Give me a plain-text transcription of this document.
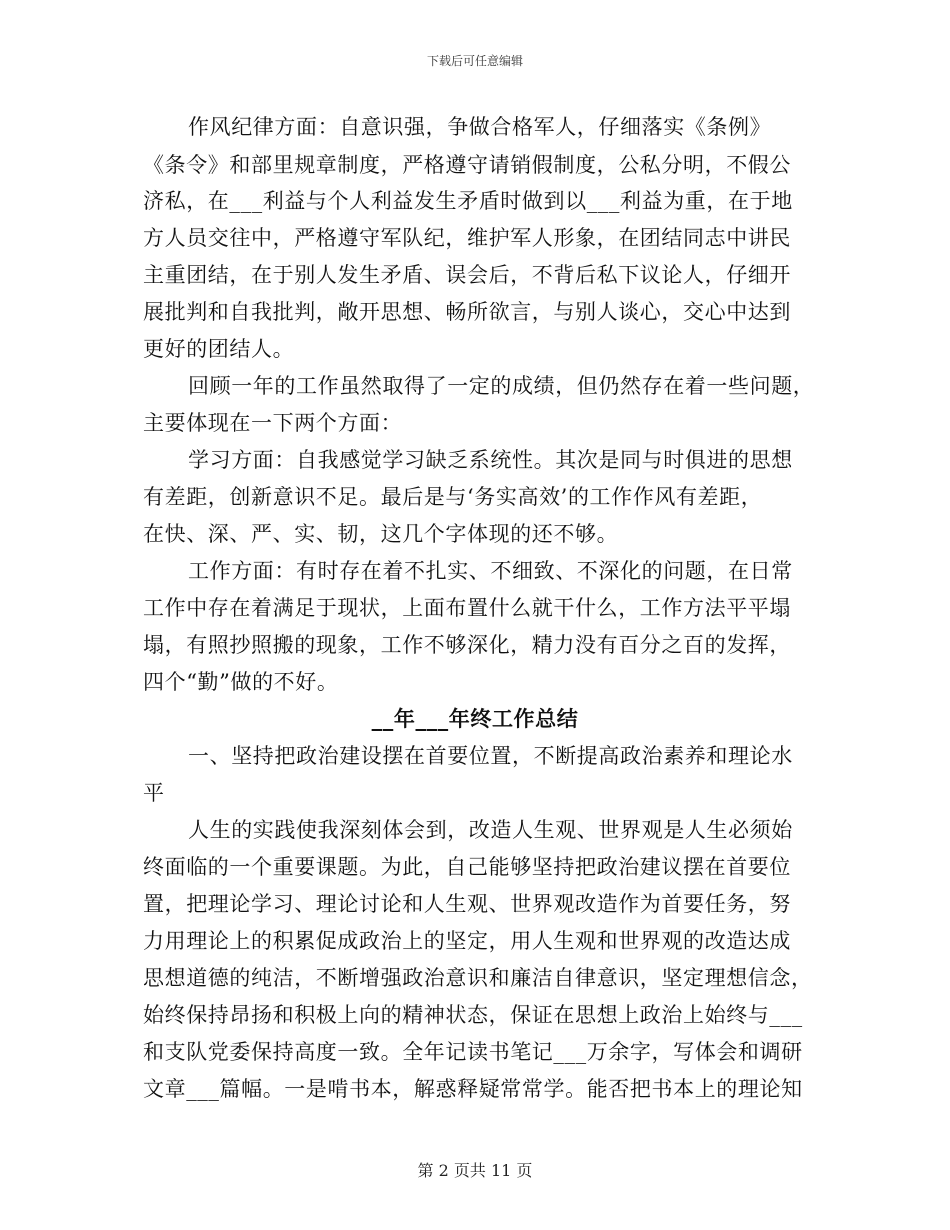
下载后可任意编辑
作风纪律方面：自意识强，争做合格军人，仔细落实《条例》
《条令》和部里规章制度，严格遵守请销假制度，公私分明，不假公
济私，在___利益与个人利益发生矛盾时做到以___利益为重，在于地
方人员交往中，严格遵守军队纪，维护军人形象，在团结同志中讲民
主重团结，在于别人发生矛盾、误会后，不背后私下议论人，仔细开
展批判和自我批判，敞开思想、畅所欲言，与别人谈心，交心中达到
更好的团结人。
回顾一年的工作虽然取得了一定的成绩，但仍然存在着一些问题，
主要体现在一下两个方面：
学习方面：自我感觉学习缺乏系统性。其次是同与时俱进的思想
有差距，创新意识不足。最后是与‘务实高效’的工作作风有差距，
在快、深、严、实、韧，这几个字体现的还不够。
工作方面：有时存在着不扎实、不细致、不深化的问题，在日常
工作中存在着满足于现状，上面布置什么就干什么，工作方法平平塌
塌，有照抄照搬的现象，工作不够深化，精力没有百分之百的发挥，
四个“勤”做的不好。
__年___年终工作总结
一、坚持把政治建设摆在首要位置，不断提高政治素养和理论水
平
人生的实践使我深刻体会到，改造人生观、世界观是人生必须始
终面临的一个重要课题。为此，自己能够坚持把政治建议摆在首要位
置，把理论学习、理论讨论和人生观、世界观改造作为首要任务，努
力用理论上的积累促成政治上的坚定，用人生观和世界观的改造达成
思想道德的纯洁，不断增强政治意识和廉洁自律意识，坚定理想信念，
始终保持昂扬和积极上向的精神状态，保证在思想上政治上始终与___
和支队党委保持高度一致。全年记读书笔记___万余字，写体会和调研
文章___篇幅。一是啃书本，解惑释疑常常学。能否把书本上的理论知
第 2 页共 11 页
